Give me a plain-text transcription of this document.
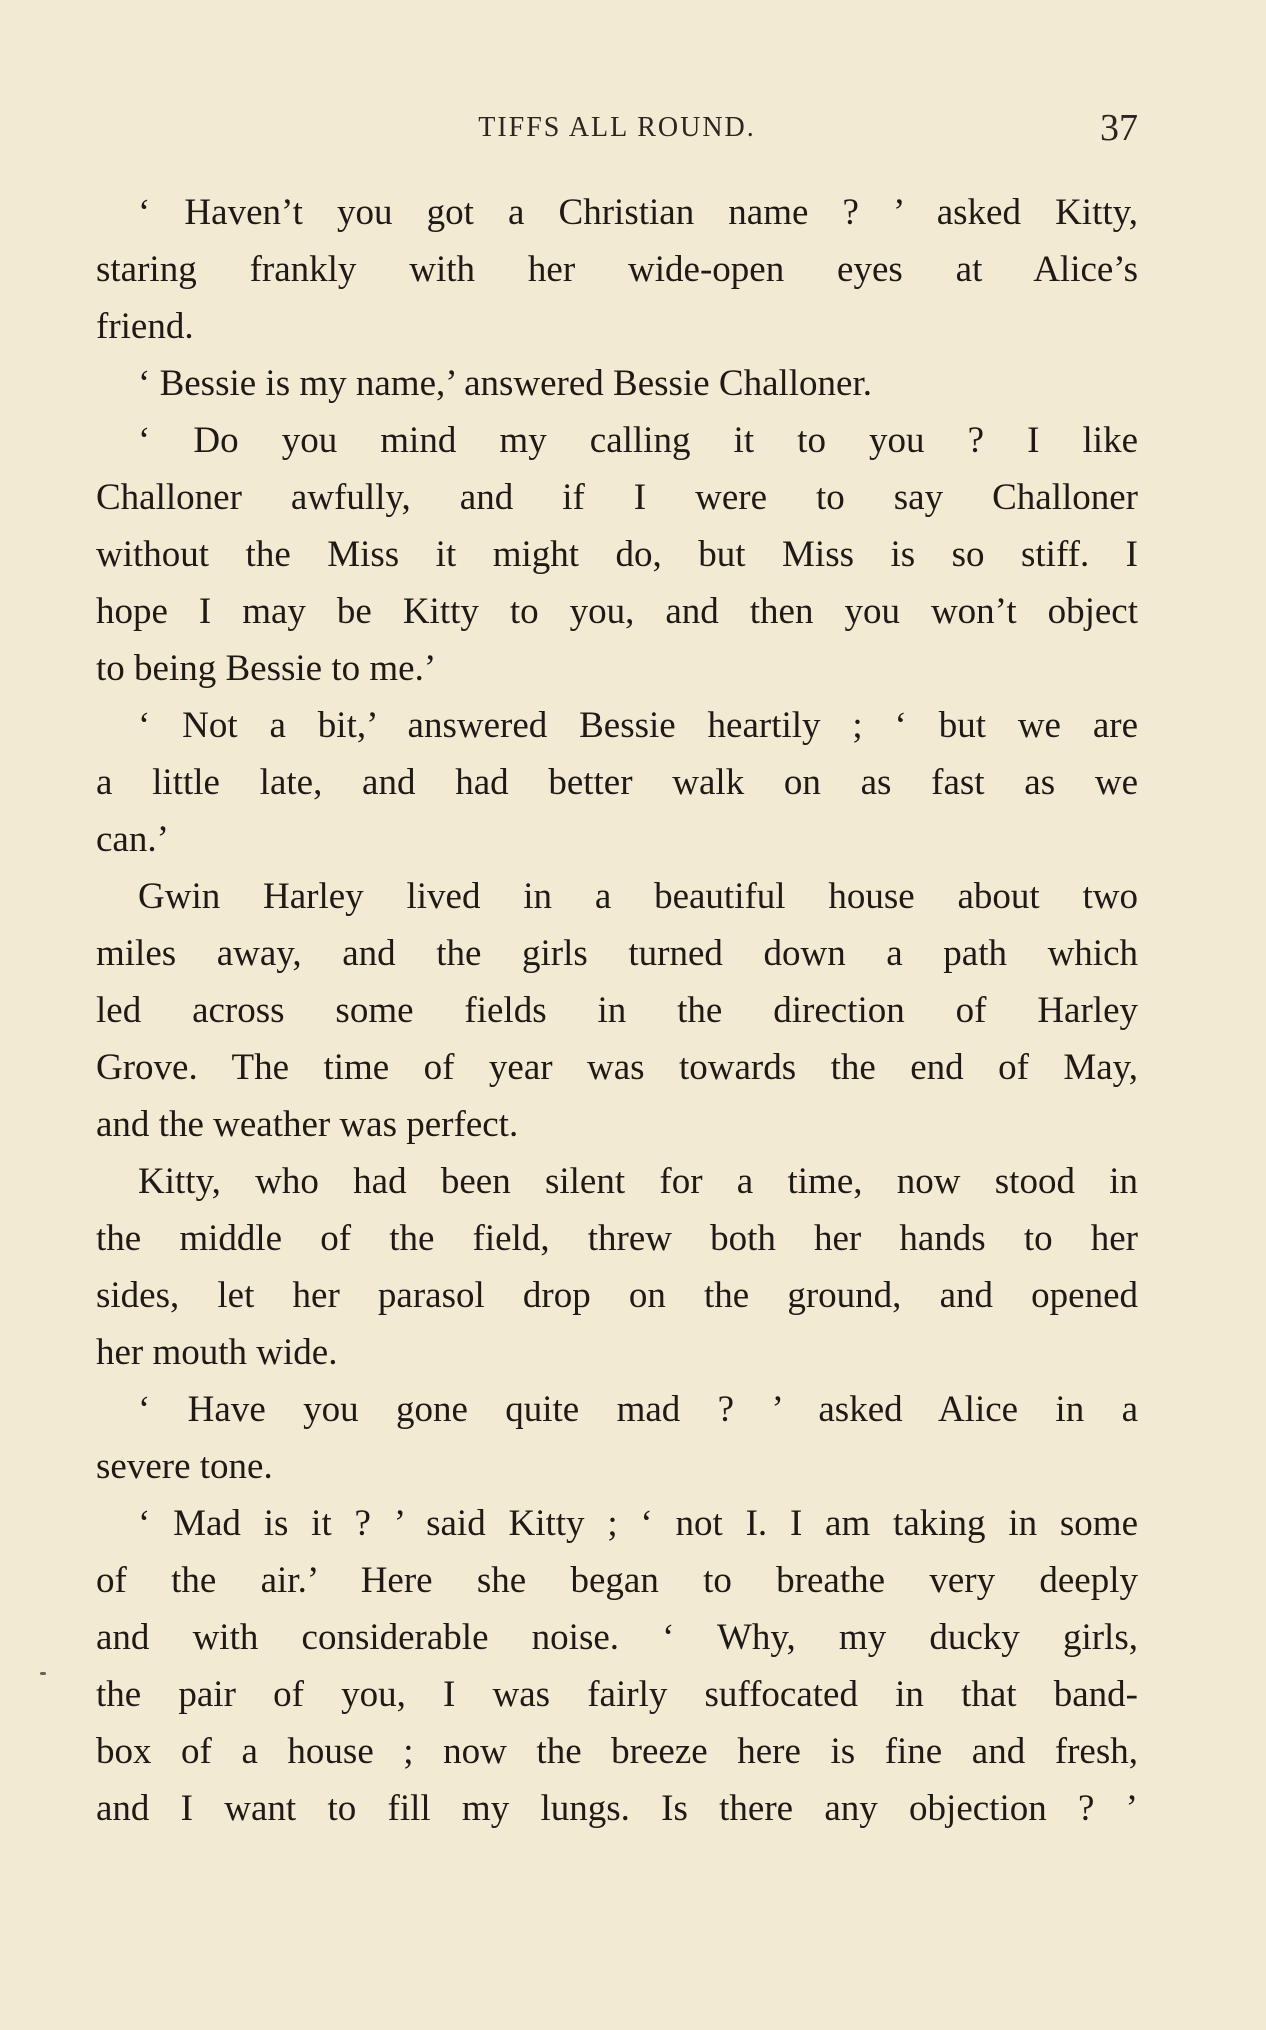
TIFFS ALL ROUND.	37
‘ Haven’t you got a Christian name ? ’ asked Kitty,
staring frankly with her wide-open eyes at Alice’s
friend.
‘ Bessie is my name,’ answered Bessie Challoner.
‘ Do you mind my calling it to you ? I like
Challoner awfully, and if I were to say Challoner
without the Miss it might do, but Miss is so stiff. I
hope I may be Kitty to you, and then you won’t object
to being Bessie to me.’
‘ Not a bit,’ answered Bessie heartily ; ‘ but we are
a little late, and had better walk on as fast as we
can.’
Gwin Harley lived in a beautiful house about two
miles away, and the girls turned down a path which
led across some fields in the direction of Harley
Grove. The time of year was towards the end of May,
and the weather was perfect.
Kitty, who had been silent for a time, now stood in
the middle of the field, threw both her hands to her
sides, let her parasol drop on the ground, and opened
her mouth wide.
‘ Have you gone quite mad ? ’ asked Alice in a
severe tone.
‘ Mad is it ? ’ said Kitty ; ‘ not I. I am taking in some
of the air.’ Here she began to breathe very deeply
and with considerable noise. ‘ Why, my ducky girls,
the pair of you, I was fairly suffocated in that band-
box of a house ; now the breeze here is fine and fresh,
and I want to fill my lungs. Is there any objection ? ’
